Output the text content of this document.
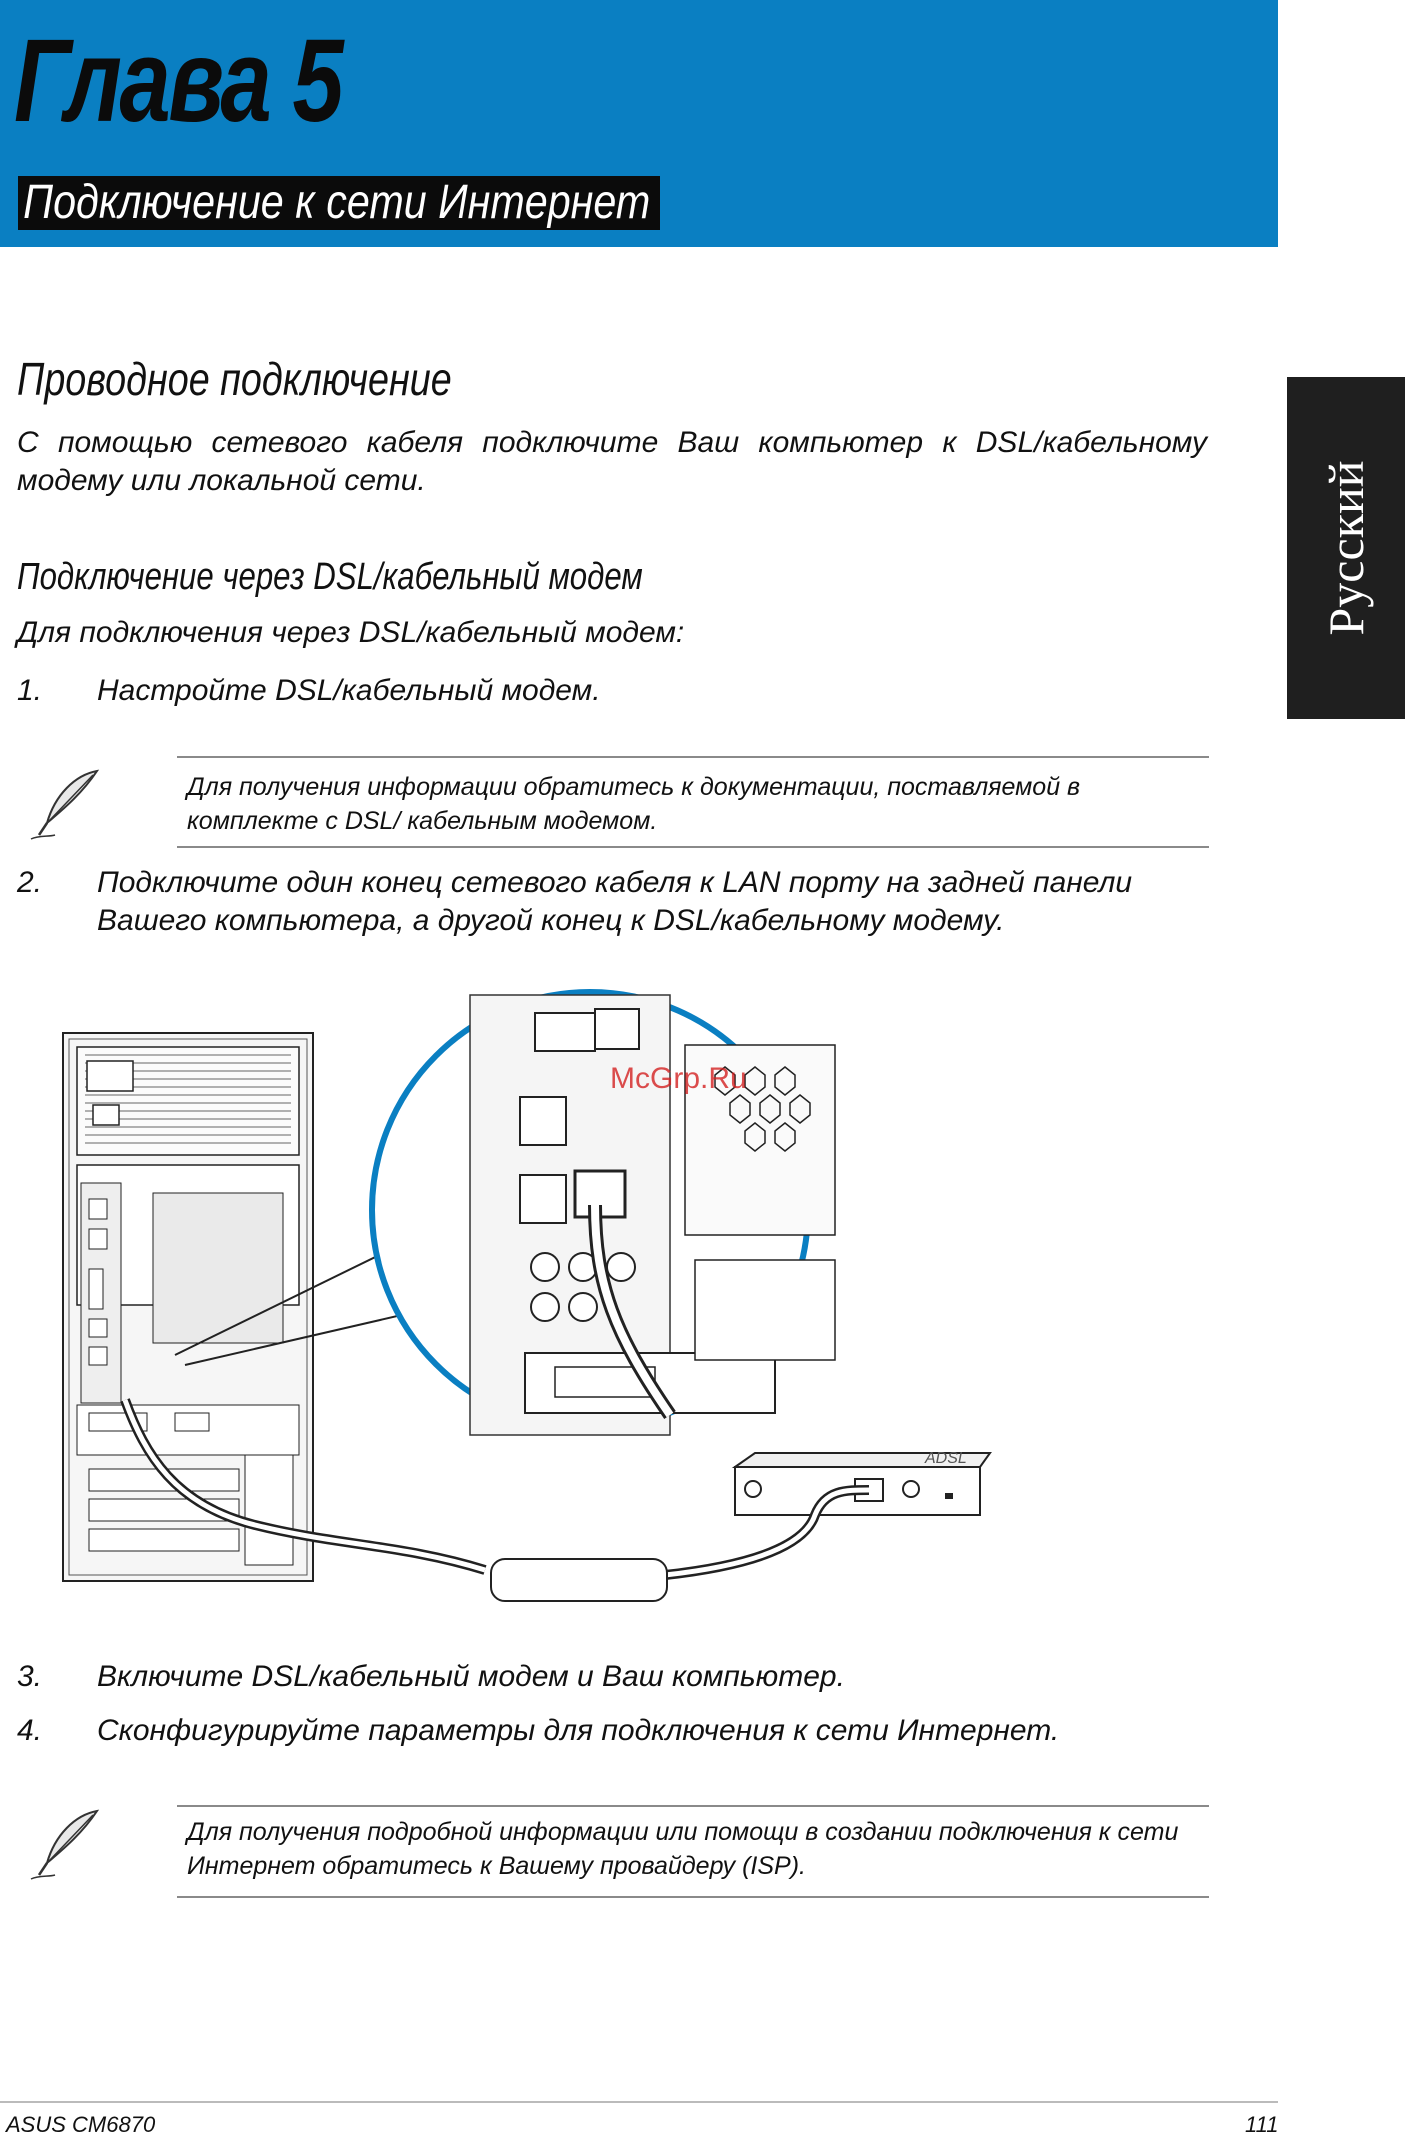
Глава 5
Подключение к сети Интернет
Русский
Проводное подключение
С помощью сетевого кабеля подключите Ваш компьютер к DSL/кабельному модему или локальной сети.
Подключение через DSL/кабельный модем
Для подключения через DSL/кабельный модем:
1. Настройте DSL/кабельный модем.
Для получения информации обратитесь к документации, поставляемой в комплекте с DSL/ кабельным модемом.
2. Подключите один конец сетевого кабеля к LAN порту на задней панели Вашего компьютера, а другой конец к DSL/кабельному модему.
McGrp.Ru
ADSL
3. Включите DSL/кабельный модем и Ваш компьютер.
4. Сконфигурируйте параметры для подключения к сети Интернет.
Для получения подробной информации или помощи в создании подключения к сети Интернет обратитесь к Вашему провайдеру (ISP).
ASUS CM6870	111
